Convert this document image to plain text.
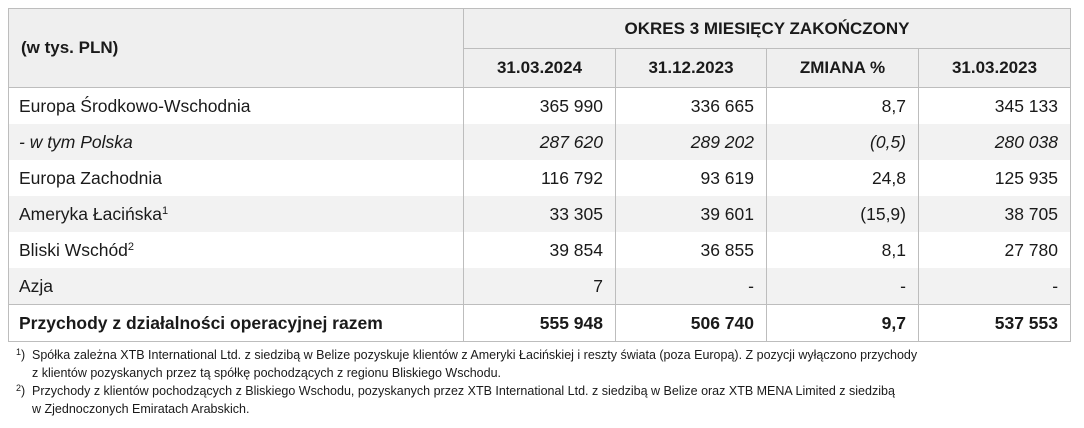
(w tys. PLN)	OKRES 3 MIESIĘCY ZAKOŃCZONY			
	31.03.2024	31.12.2023	ZMIANA %	31.03.2023
Europa Środkowo-Wschodnia	365 990	336 665	8,7	345 133
- w tym Polska	287 620	289 202	(0,5)	280 038
Europa Zachodnia	116 792	93 619	24,8	125 935
Ameryka Łacińska$^1$	33 305	39 601	(15,9)	38 705
Bliski Wschód$^2$	39 854	36 855	8,1	27 780
Azja	7	-	-	-
Przychody z działalności operacyjnej razem	555 948	506 740	9,7	537 553
$^1$) Spółka zależna XTB International Ltd. z siedzibą w Belize pozyskuje klientów z Ameryki Łacińskiej i reszty świata (poza Europą). Z pozycji wyłączono przychody
z klientów pozyskanych przez tą spółkę pochodzących z regionu Bliskiego Wschodu.
$^2$) Przychody z klientów pochodzących z Bliskiego Wschodu, pozyskanych przez XTB International Ltd. z siedzibą w Belize oraz XTB MENA Limited z siedzibą
w Zjednoczonych Emiratach Arabskich.
